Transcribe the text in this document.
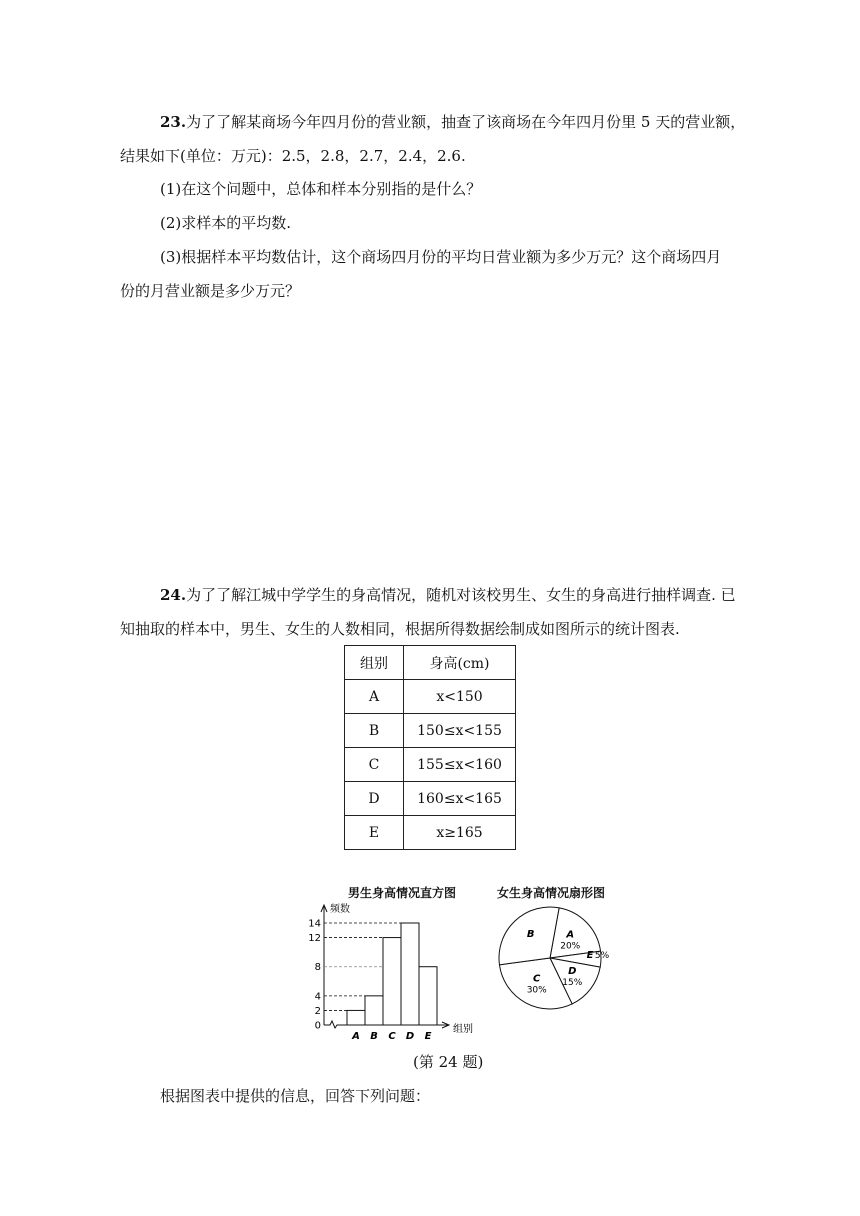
23.为了了解某商场今年四月份的营业额，抽查了该商场在今年四月份里 5 天的营业额，
结果如下(单位：万元)：2.5，2.8，2.7，2.4，2.6.
(1)在这个问题中，总体和样本分别指的是什么？
(2)求样本的平均数.
(3)根据样本平均数估计，这个商场四月份的平均日营业额为多少万元？这个商场四月
份的月营业额是多少万元？
24.为了了解江城中学学生的身高情况，随机对该校男生、女生的身高进行抽样调查. 已
知抽取的样本中，男生、女生的人数相同，根据所得数据绘制成如图所示的统计图表.
组别	身高(cm)
A	x<150
B	150≤x<155
C	155≤x<160
D	160≤x<165
E	x≥165
男生身高情况直方图	女生身高情况扇形图
频数
组别
0
2
4
8
12
14
A B C D E
A
20%
B
C
30%
D
15%
E 5%
(第 24 题)
根据图表中提供的信息，回答下列问题：
